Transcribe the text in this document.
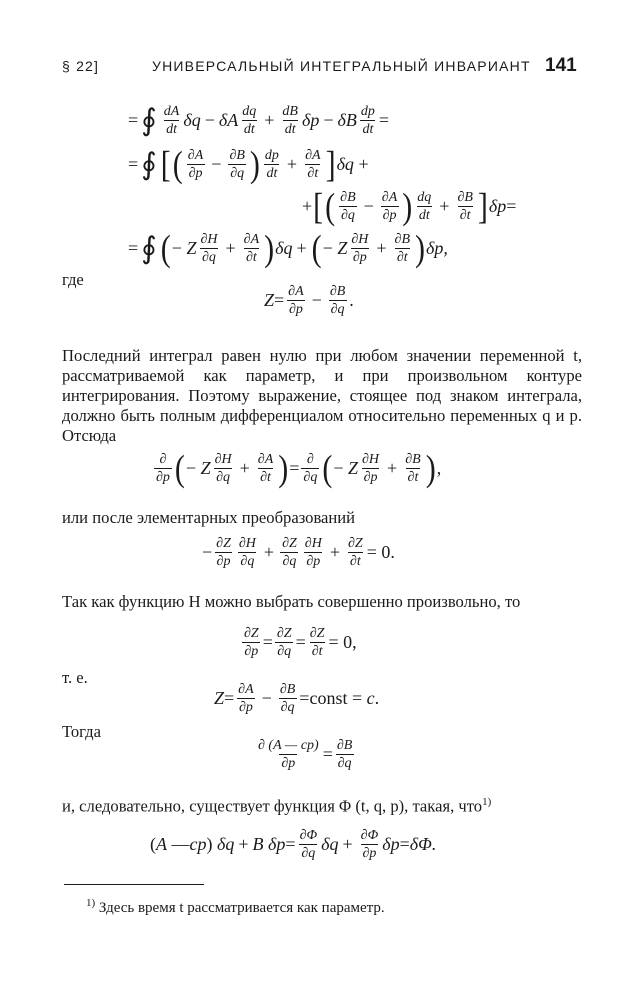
§ 22]	УНИВЕРСАЛЬНЫЙ ИНТЕГРАЛЬНЫЙ ИНВАРИАНТ 141
= ∮ dA
dt δq − δA dq
dt + $\frac{dB}{dt}$ δp − δB $\frac{dp}{dt}$ =
= ∮ [ ( ∂A
$\partial p - \frac{\partial B}{\partial q}$ ) dp
dt + $\frac{\partial A}{\partial t}$ ] δq +
+ [ ( ∂B
$\partial q - \frac{\partial A}{\partial p}$ ) dq
dt + $\frac{\partial B}{\partial t}$ ] δp =
= ∮ ( − Z ∂H
$\partial q + \frac{\partial A}{\partial t}$ ) δq + ( − Z ∂H
$\partial p + \frac{\partial B}{\partial t}$ ) δp,
где
$Z = \frac{\partial A}{\partial p} - \frac{\partial B}{\partial q}$ .
Последний интеграл равен нулю при любом значении переменной t, рассматриваемой как параметр, и при произвольном контуре интегрирования. Поэтому выражение, стоящее под знаком интеграла, должно быть полным дифференциалом относительно переменных q и p. Отсюда
∂
∂p ( − Z ∂H
$\partial q + \frac{\partial A}{\partial t}$ ) = ∂
∂q ( − Z ∂H
$\partial p + \frac{\partial B}{\partial t}$ ) ,
или после элементарных преобразований
− $\frac{\partial Z}{\partial p} \partial H$
$\partial q + \frac{\partial Z}{\partial q} \partial H$
$\partial p + \frac{\partial Z}{\partial t} = 0$.
Так как функцию H можно выбрать совершенно произвольно, то
$\frac{\partial Z}{\partial p} = \frac{\partial Z}{\partial q} = \frac{\partial Z}{\partial t} = 0$,
т. е.
$Z = \frac{\partial A}{\partial p} - \frac{\partial B}{\partial q}$ = const = c .
Тогда
$\frac{\partial (A — cp)}{\partial p} = \frac{\partial B}{\partial q}$
и, следовательно, существует функция Φ (t, q, p), такая, что$^{1)}$
( A — cp ) δq + B $\delta p = \frac{\partial\Phi}{\partial q}$ $\delta q + \frac{\partial\Phi}{\partial p}$ δp = δΦ.
$^{1)}$ Здесь время t рассматривается как параметр.
